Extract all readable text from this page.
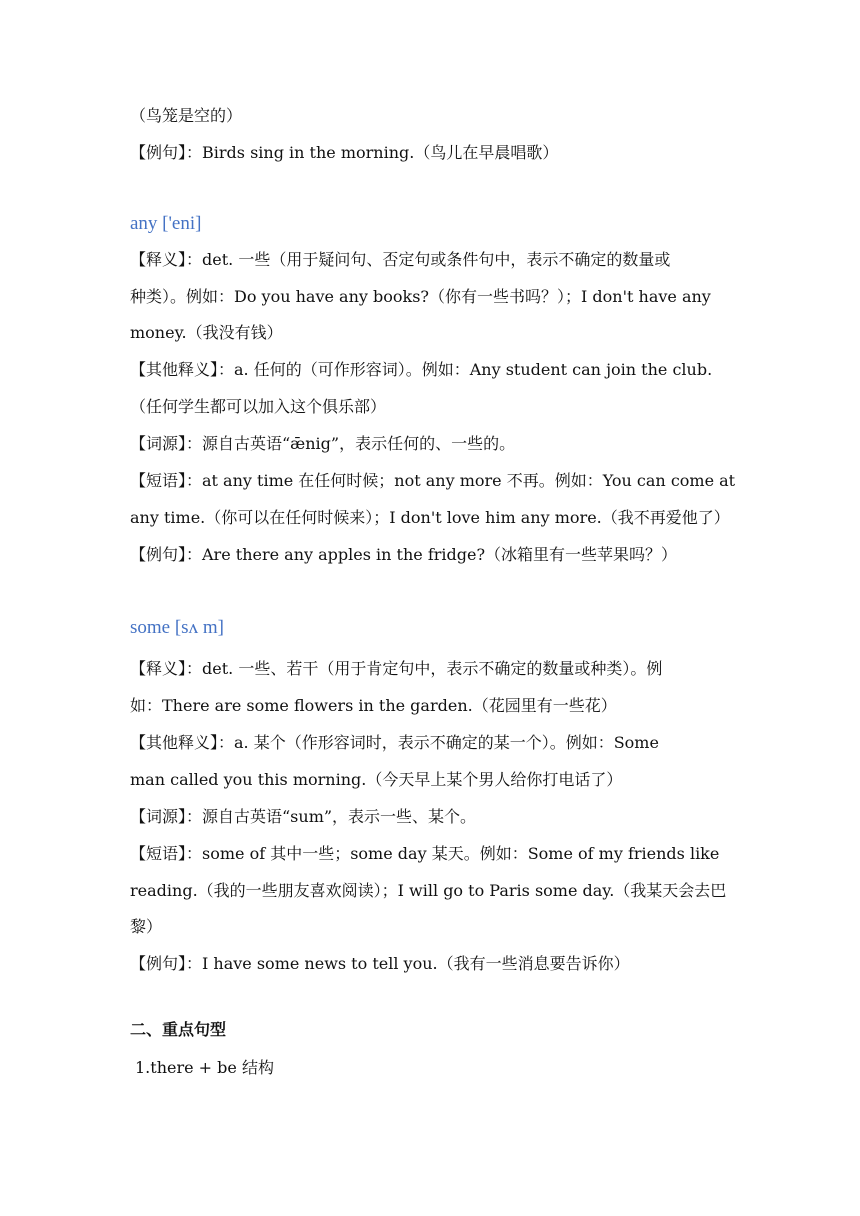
（鸟笼是空的）
【例句】：Birds sing in the morning.（鸟儿在早晨唱歌）
any ['eni]
【释义】：det. 一些（用于疑问句、否定句或条件句中，表示不确定的数量或
种类）。例如：Do you have any books?（你有一些书吗？）；I don't have any
money.（我没有钱）
【其他释义】：a. 任何的（可作形容词）。例如：Any student can join the club.
（任何学生都可以加入这个俱乐部）
【词源】：源自古英语“ǣnig”，表示任何的、一些的。
【短语】：at any time 在任何时候；not any more 不再。例如：You can come at
any time.（你可以在任何时候来）；I don't love him any more.（我不再爱他了）
【例句】：Are there any apples in the fridge?（冰箱里有一些苹果吗？）
some [sʌ m]
【释义】：det. 一些、若干（用于肯定句中，表示不确定的数量或种类）。例
如：There are some flowers in the garden.（花园里有一些花）
【其他释义】：a. 某个（作形容词时，表示不确定的某一个）。例如：Some
man called you this morning.（今天早上某个男人给你打电话了）
【词源】：源自古英语“sum”，表示一些、某个。
【短语】：some of 其中一些；some day 某天。例如：Some of my friends like
reading.（我的一些朋友喜欢阅读）；I will go to Paris some day.（我某天会去巴
黎）
【例句】：I have some news to tell you.（我有一些消息要告诉你）
二、重点句型
1.there + be 结构
